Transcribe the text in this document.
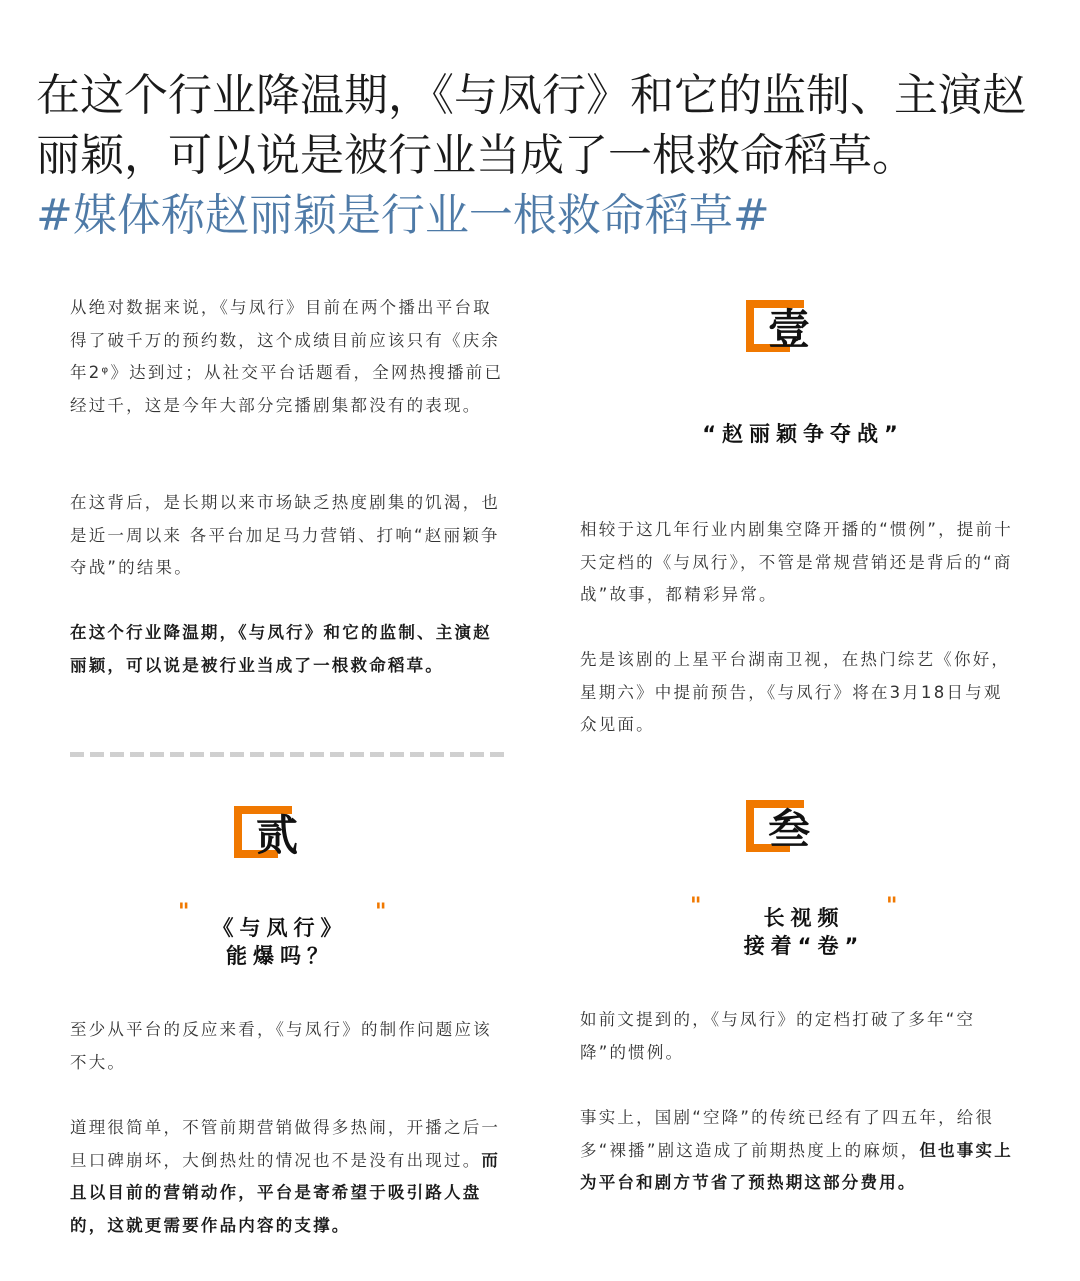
在这个行业降温期，《与凤行》和它的监制、主演赵丽颖，可以说是被行业当成了一根救命稻草。
#媒体称赵丽颖是行业一根救命稻草#

从绝对数据来说，《与凤行》目前在两个播出平台取得了破千万的预约数，这个成绩目前应该只有《庆余年2ᵠ》达到过；从社交平台话题看，全网热搜播前已经过千，这是今年大部分完播剧集都没有的表现。

在这背后，是长期以来市场缺乏热度剧集的饥渴，也是近一周以来 各平台加足马力营销、打响“赵丽颖争夺战”的结果。

在这个行业降温期，《与凤行》和它的监制、主演赵丽颖，可以说是被行业当成了一根救命稻草。

壹
“赵丽颖争夺战”

相较于这几年行业内剧集空降开播的“惯例”，提前十天定档的《与凤行》，不管是常规营销还是背后的“商战”故事，都精彩异常。

先是该剧的上星平台湖南卫视，在热门综艺《你好，星期六》中提前预告，《与凤行》将在3月18日与观众见面。

贰
"	"
《与凤行》
能爆吗？

至少从平台的反应来看，《与凤行》的制作问题应该不大。

道理很简单，不管前期营销做得多热闹，开播之后一旦口碑崩坏，大倒热灶的情况也不是没有出现过。而且以目前的营销动作，平台是寄希望于吸引路人盘的，这就更需要作品内容的支撑。

叁
"	"
长视频
接着“卷”

如前文提到的，《与凤行》的定档打破了多年“空降”的惯例。

事实上，国剧“空降”的传统已经有了四五年，给很多“裸播”剧这造成了前期热度上的麻烦，但也事实上为平台和剧方节省了预热期这部分费用。
